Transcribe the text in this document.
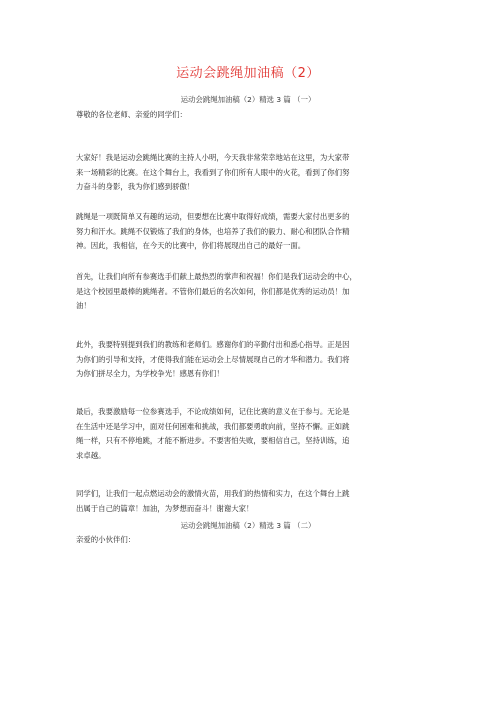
运动会跳绳加油稿（2）
运动会跳绳加油稿（2）精选 3 篇 （一）

尊敬的各位老师、亲爱的同学们：

大家好！我是运动会跳绳比赛的主持人小明，今天我非常荣幸地站在这里，为大家带
来一场精彩的比赛。在这个舞台上，我看到了你们所有人眼中的火花，看到了你们努
力奋斗的身影，我为你们感到骄傲！

跳绳是一项既简单又有趣的运动，但要想在比赛中取得好成绩，需要大家付出更多的
努力和汗水。跳绳不仅锻炼了我们的身体，也培养了我们的毅力、耐心和团队合作精
神。因此，我相信，在今天的比赛中，你们将展现出自己的最好一面。

首先，让我们向所有参赛选手们献上最热烈的掌声和祝福！你们是我们运动会的中心，
是这个校园里最棒的跳绳者。不管你们最后的名次如何，你们都是优秀的运动员！加
油！

此外，我要特别提到我们的教练和老师们。感谢你们的辛勤付出和悉心指导。正是因
为你们的引导和支持，才使得我们能在运动会上尽情展现自己的才华和潜力。我们将
为你们拼尽全力，为学校争光！感恩有你们！

最后，我要激励每一位参赛选手，不论成绩如何，记住比赛的意义在于参与。无论是
在生活中还是学习中，面对任何困难和挑战，我们都要勇敢向前，坚持不懈。正如跳
绳一样，只有不停地跳，才能不断进步。不要害怕失败，要相信自己，坚持训练，追
求卓越。

同学们，让我们一起点燃运动会的激情火苗，用我们的热情和实力，在这个舞台上跳
出属于自己的篇章！加油，为梦想而奋斗！谢谢大家！

运动会跳绳加油稿（2）精选 3 篇 （二）

亲爱的小伙伴们：
